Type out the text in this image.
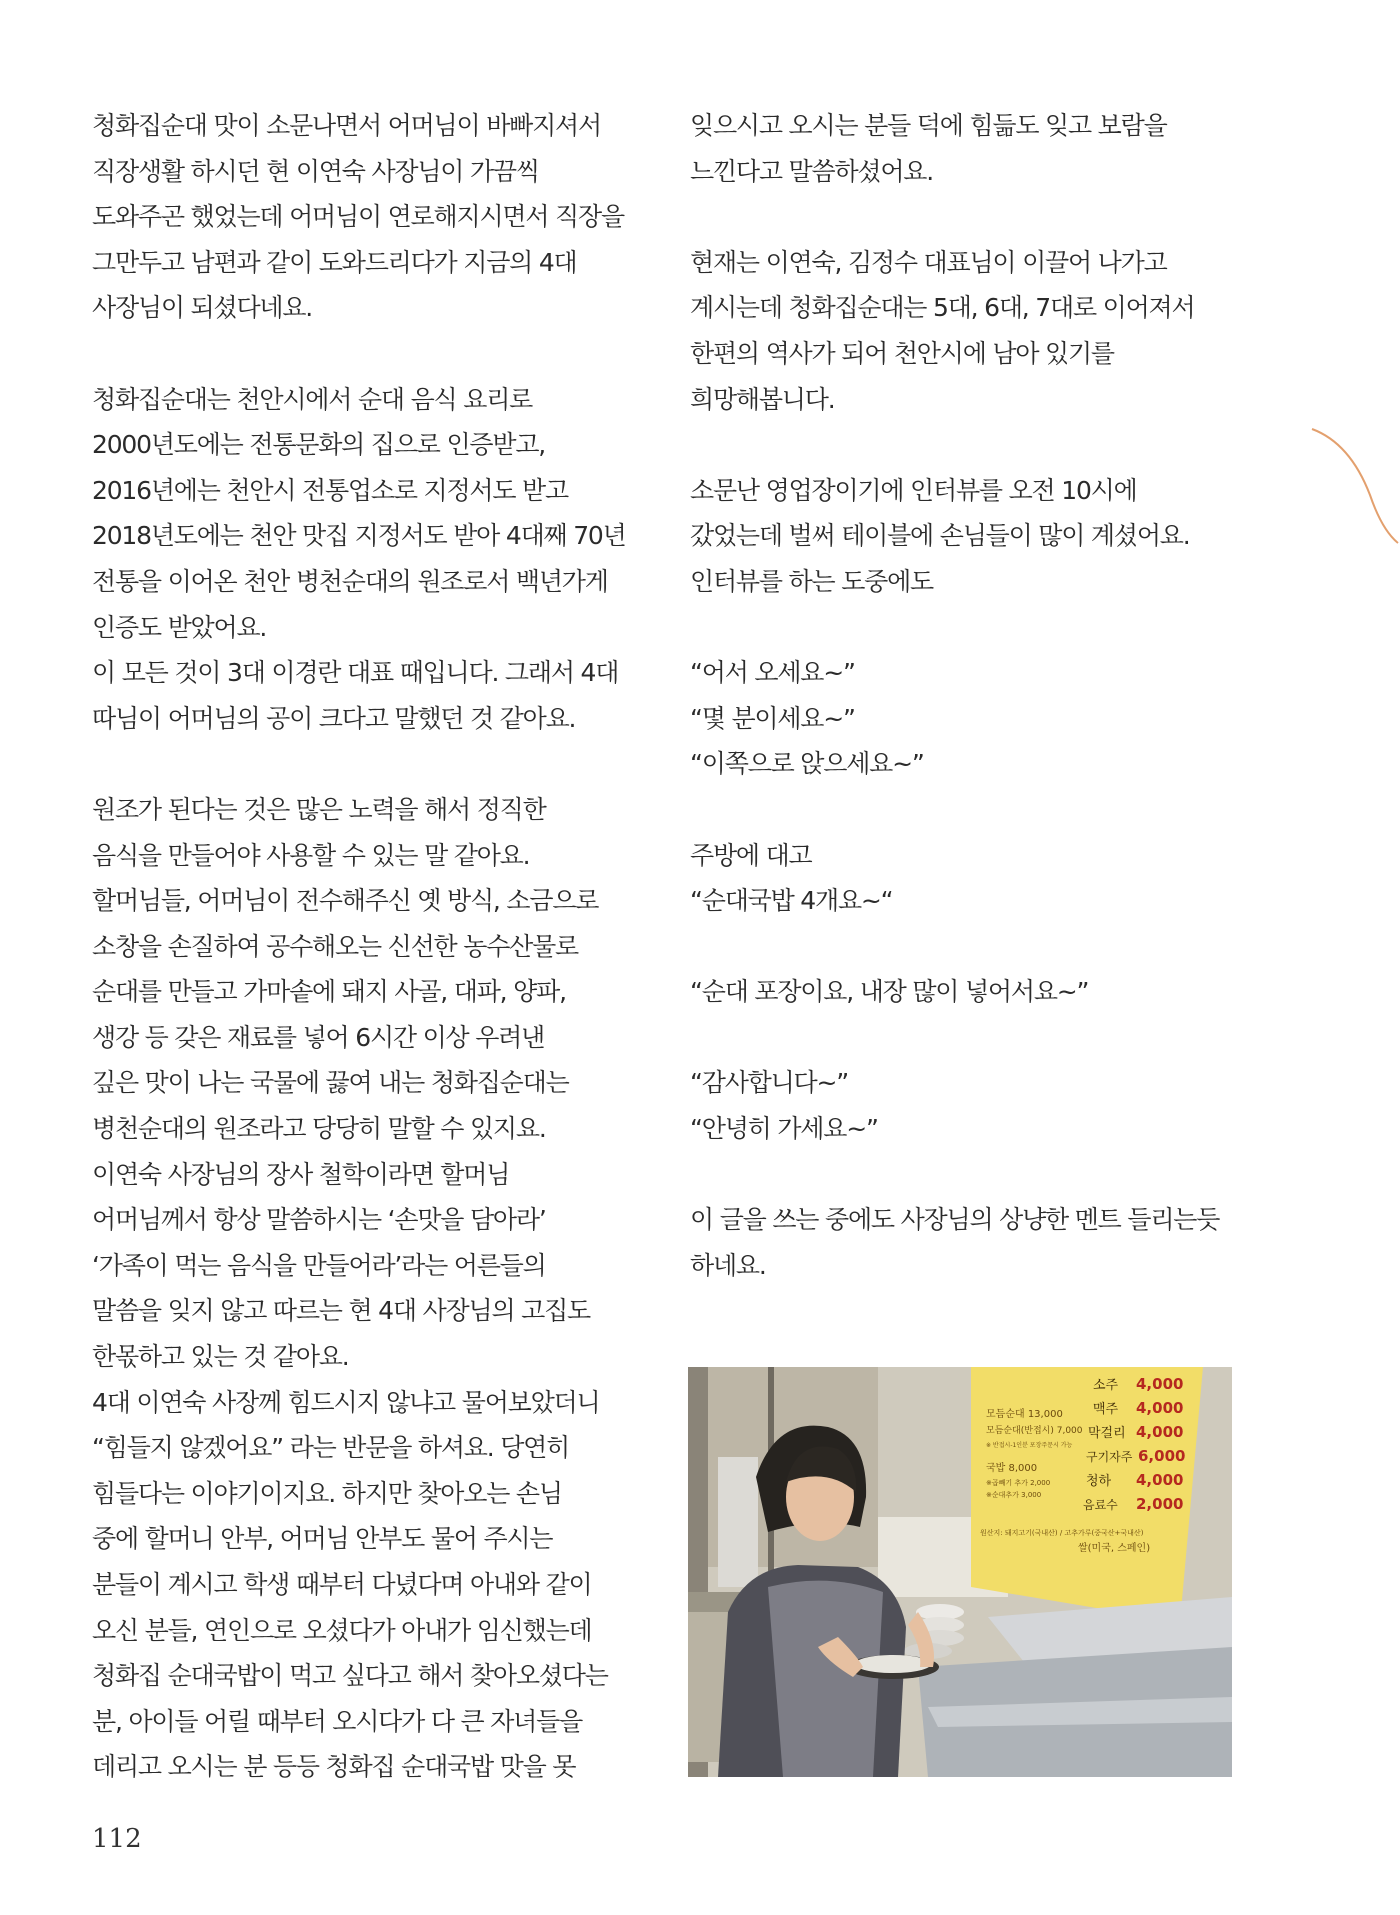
청화집순대 맛이 소문나면서 어머님이 바빠지셔서

직장생활 하시던 현 이연숙 사장님이 가끔씩

도와주곤 했었는데 어머님이 연로해지시면서 직장을

그만두고 남편과 같이 도와드리다가 지금의 4대

사장님이 되셨다네요.

청화집순대는 천안시에서 순대 음식 요리로

2000년도에는 전통문화의 집으로 인증받고,

2016년에는 천안시 전통업소로 지정서도 받고

2018년도에는 천안 맛집 지정서도 받아 4대째 70년

전통을 이어온 천안 병천순대의 원조로서 백년가게

인증도 받았어요.

이 모든 것이 3대 이경란 대표 때입니다. 그래서 4대

따님이 어머님의 공이 크다고 말했던 것 같아요.

원조가 된다는 것은 많은 노력을 해서 정직한

음식을 만들어야 사용할 수 있는 말 같아요.

할머님들, 어머님이 전수해주신 옛 방식, 소금으로

소창을 손질하여 공수해오는 신선한 농수산물로

순대를 만들고 가마솥에 돼지 사골, 대파, 양파,

생강 등 갖은 재료를 넣어 6시간 이상 우려낸

깊은 맛이 나는 국물에 끓여 내는 청화집순대는

병천순대의 원조라고 당당히 말할 수 있지요.

이연숙 사장님의 장사 철학이라면 할머님

어머님께서 항상 말씀하시는 ‘손맛을 담아라’

‘가족이 먹는 음식을 만들어라’라는 어른들의

말씀을 잊지 않고 따르는 현 4대 사장님의 고집도

한몫하고 있는 것 같아요.

4대 이연숙 사장께 힘드시지 않냐고 물어보았더니

“힘들지 않겠어요” 라는 반문을 하셔요. 당연히

힘들다는 이야기이지요. 하지만 찾아오는 손님

중에 할머니 안부, 어머님 안부도 물어 주시는

분들이 계시고 학생 때부터 다녔다며 아내와 같이

오신 분들, 연인으로 오셨다가 아내가 임신했는데

청화집 순대국밥이 먹고 싶다고 해서 찾아오셨다는

분, 아이들 어릴 때부터 오시다가 다 큰 자녀들을

데리고 오시는 분 등등 청화집 순대국밥 맛을 못

잊으시고 오시는 분들 덕에 힘듦도 잊고 보람을

느낀다고 말씀하셨어요.

현재는 이연숙, 김정수 대표님이 이끌어 나가고

계시는데 청화집순대는 5대, 6대, 7대로 이어져서

한편의 역사가 되어 천안시에 남아 있기를

희망해봅니다.

소문난 영업장이기에 인터뷰를 오전 10시에

갔었는데 벌써 테이블에 손님들이 많이 계셨어요.

인터뷰를 하는 도중에도

“어서 오세요~”

“몇 분이세요~”

“이쪽으로 앉으세요~”

주방에 대고

“순대국밥 4개요~“

“순대 포장이요, 내장 많이 넣어서요~”

“감사합니다~”

“안녕히 가세요~”

이 글을 쓰는 중에도 사장님의 상냥한 멘트 들리는듯

하네요.

모듬순대 13,000
모듬순대(반접시) 7,000
※ 반접시-1인분 포장주문시 가능
국밥 8,000
※곱빼기 추가 2,000
※순대추가 3,000
소주 4,000
맥주 4,000
막걸리 4,000
구기자주 6,000
청하 4,000
음료수 2,000
원산지: 돼지고기(국내산) / 고추가루(중국산+국내산)
쌀(미국, 스페인)
112
